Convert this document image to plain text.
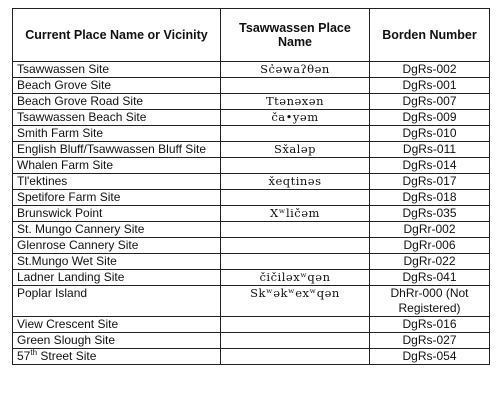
Current Place Name or Vicinity	Tsawwassen Place Name	Borden Number
Tsawwassen Site	Sc̓əwaʔθən	DgRs-002
Beach Grove Site		DgRs-001
Beach Grove Road Site	Ttənəxən	DgRs-007
Tsawwassen Beach Site	ča•yəm	DgRs-009
Smith Farm Site		DgRs-010
English Bluff/Tsawwassen Bluff Site	Sx̌aləp	DgRs-011
Whalen Farm Site		DgRs-014
Tl'ektines	x̌eqtinəs	DgRs-017
Spetifore Farm Site		DgRs-018
Brunswick Point	Xʷličəm	DgRs-035
St. Mungo Cannery Site		DgRr-002
Glenrose Cannery Site		DgRr-006
St.Mungo Wet Site		DgRr-022
Ladner Landing Site	čičiləxʷqən	DgRs-041
Poplar Island	Skʷəkʷexʷqən	DhRr-000 (Not Registered)
View Crescent Site		DgRs-016
Green Slough Site		DgRs-027
57th Street Site		DgRs-054
